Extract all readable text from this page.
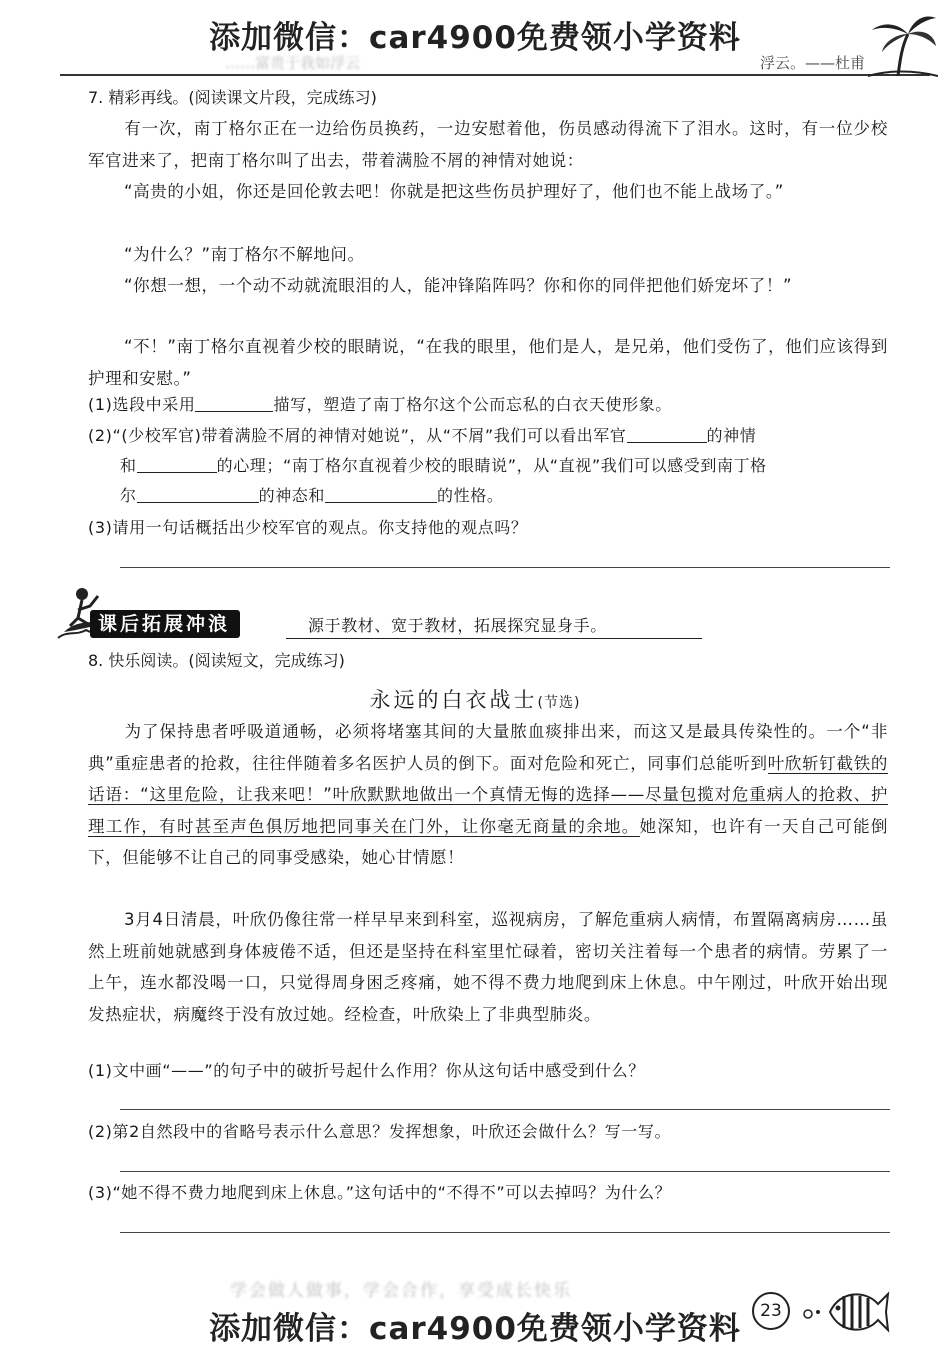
添加微信：car4900免费领小学资料
……富贵于我如浮云	浮云。——杜甫
7. 精彩再线。(阅读课文片段，完成练习)
有一次，南丁格尔正在一边给伤员换药，一边安慰着他，伤员感动得流下了泪水。这时，有一位少校军官进来了，把南丁格尔叫了出去，带着满脸不屑的神情对她说：
“高贵的小姐，你还是回伦敦去吧！你就是把这些伤员护理好了，他们也不能上战场了。”
“为什么？”南丁格尔不解地问。
“你想一想，一个动不动就流眼泪的人，能冲锋陷阵吗？你和你的同伴把他们娇宠坏了！”
“不！”南丁格尔直视着少校的眼睛说，“在我的眼里，他们是人，是兄弟，他们受伤了，他们应该得到护理和安慰。”
(1)选段中采用	描写，塑造了南丁格尔这个公而忘私的白衣天使形象。
(2)“(少校军官)带着满脸不屑的神情对她说”，从“不屑”我们可以看出军官	的神情
和	的心理；“南丁格尔直视着少校的眼睛说”，从“直视”我们可以感受到南丁格
尔	的神态和	的性格。
(3)请用一句话概括出少校军官的观点。你支持他的观点吗？
课后拓展冲浪	源于教材、宽于教材，拓展探究显身手。
8. 快乐阅读。(阅读短文，完成练习)
永远的白衣战士(节选)
为了保持患者呼吸道通畅，必须将堵塞其间的大量脓血痰排出来，而这又是最具传染性的。一个“非典”重症患者的抢救，往往伴随着多名医护人员的倒下。面对危险和死亡，同事们总能听到叶欣斩钉截铁的话语：“这里危险，让我来吧！”叶欣默默地做出一个真情无悔的选择——尽量包揽对危重病人的抢救、护理工作，有时甚至声色俱厉地把同事关在门外，让你毫无商量的余地。她深知，也许有一天自己可能倒下，但能够不让自己的同事受感染，她心甘情愿！
3月4日清晨，叶欣仍像往常一样早早来到科室，巡视病房，了解危重病人病情，布置隔离病房……虽然上班前她就感到身体疲倦不适，但还是坚持在科室里忙碌着，密切关注着每一个患者的病情。劳累了一上午，连水都没喝一口，只觉得周身困乏疼痛，她不得不费力地爬到床上休息。中午刚过，叶欣开始出现发热症状，病魔终于没有放过她。经检查，叶欣染上了非典型肺炎。
(1)文中画“——”的句子中的破折号起什么作用？你从这句话中感受到什么？
(2)第2自然段中的省略号表示什么意思？发挥想象，叶欣还会做什么？写一写。
(3)“她不得不费力地爬到床上休息。”这句话中的“不得不”可以去掉吗？为什么？
学会做人做事，学会合作，享受成长快乐
添加微信：car4900免费领小学资料	23
